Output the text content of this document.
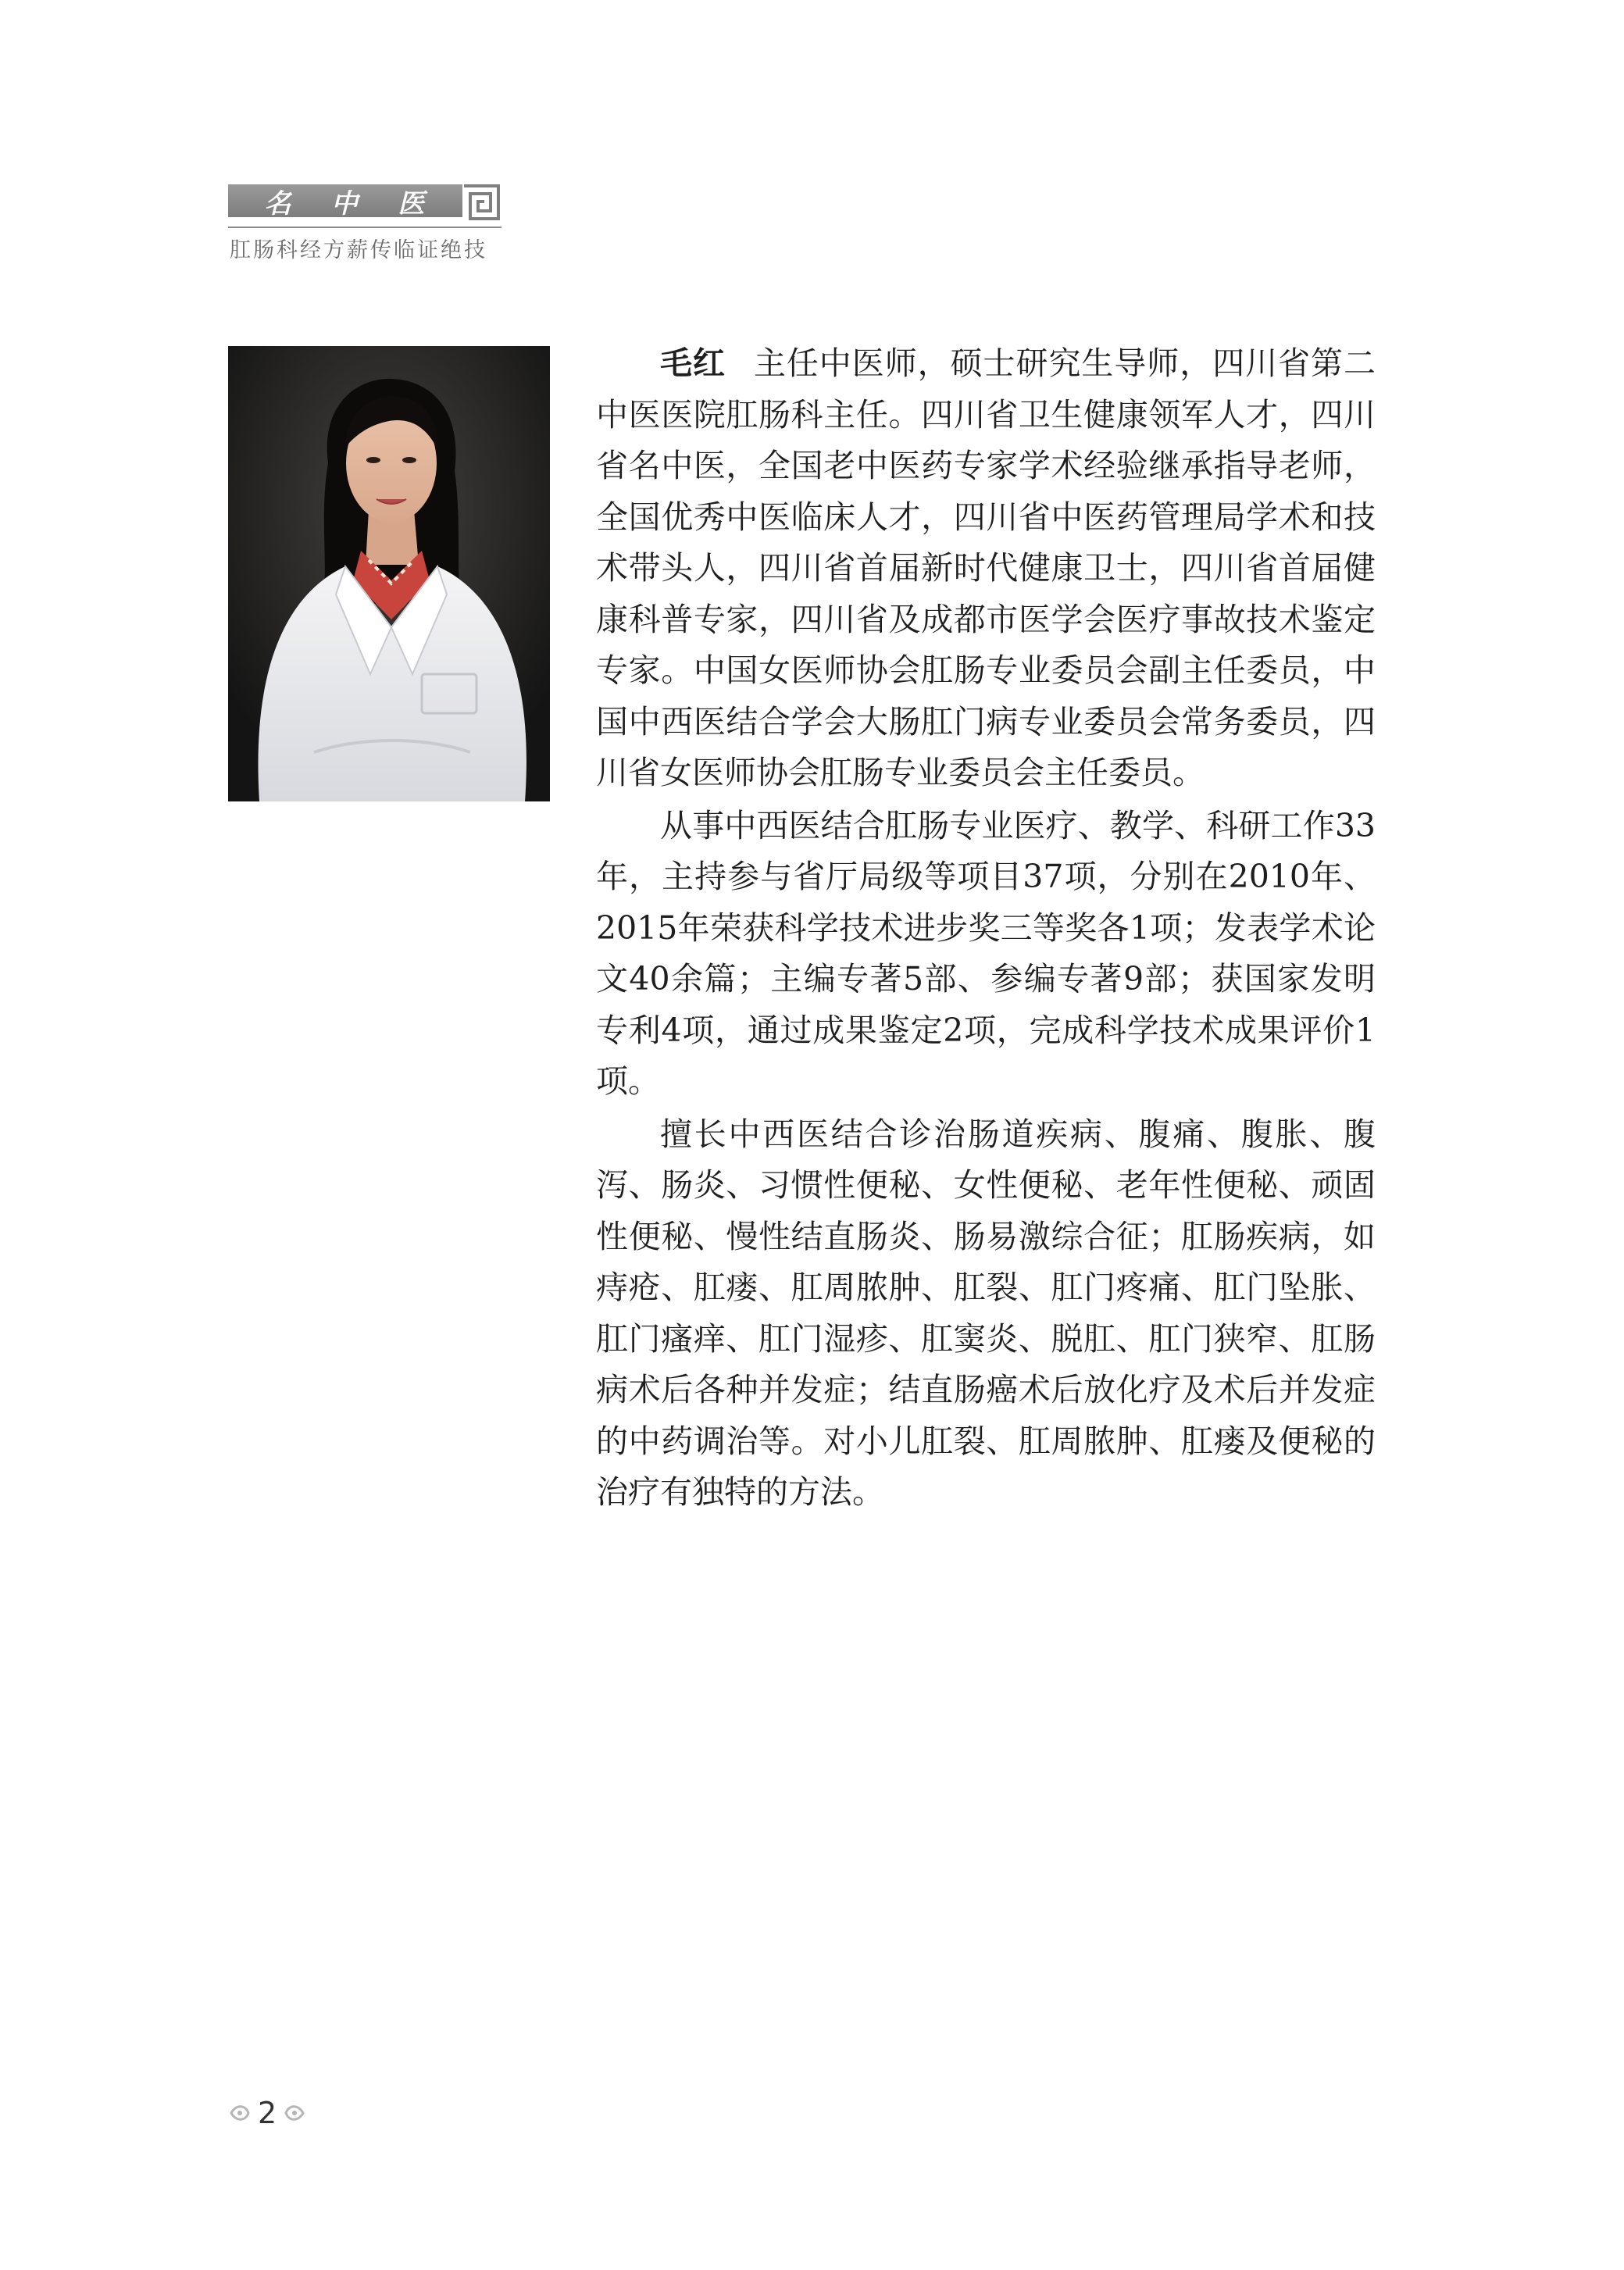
名 中 医
肛肠科经方薪传临证绝技

毛红 主任中医师，硕士研究生导师，四川省第二中医医院肛肠科主任。四川省卫生健康领军人才，四川省名中医，全国老中医药专家学术经验继承指导老师，全国优秀中医临床人才，四川省中医药管理局学术和技术带头人，四川省首届新时代健康卫士，四川省首届健康科普专家，四川省及成都市医学会医疗事故技术鉴定专家。中国女医师协会肛肠专业委员会副主任委员，中国中西医结合学会大肠肛门病专业委员会常务委员，四川省女医师协会肛肠专业委员会主任委员。

从事中西医结合肛肠专业医疗、教学、科研工作33年，主持参与省厅局级等项目37项，分别在2010年、2015年荣获科学技术进步奖三等奖各1项；发表学术论文40余篇；主编专著5部、参编专著9部；获国家发明专利4项，通过成果鉴定2项，完成科学技术成果评价1项。

擅长中西医结合诊治肠道疾病、腹痛、腹胀、腹泻、肠炎、习惯性便秘、女性便秘、老年性便秘、顽固性便秘、慢性结直肠炎、肠易激综合征；肛肠疾病，如痔疮、肛瘘、肛周脓肿、肛裂、肛门疼痛、肛门坠胀、肛门瘙痒、肛门湿疹、肛窦炎、脱肛、肛门狭窄、肛肠病术后各种并发症；结直肠癌术后放化疗及术后并发症的中药调治等。对小儿肛裂、肛周脓肿、肛瘘及便秘的治疗有独特的方法。

2
